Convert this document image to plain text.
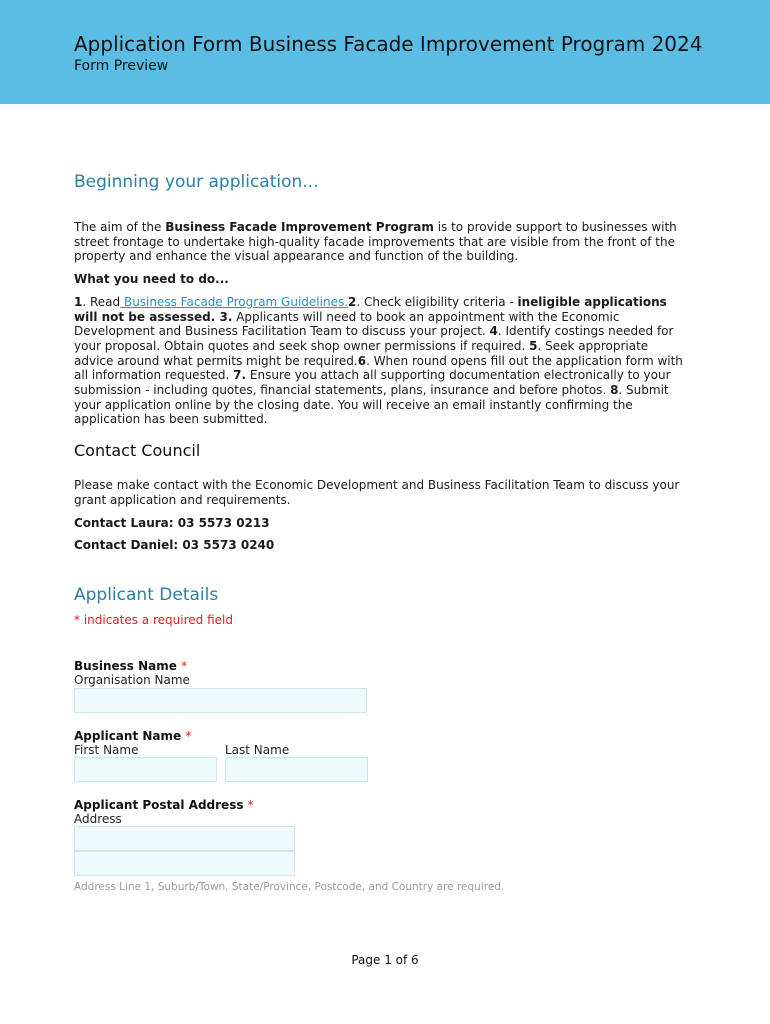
Application Form Business Facade Improvement Program 2024
Form Preview
Beginning your application...

The aim of the Business Facade Improvement Program is to provide support to businesses with street frontage to undertake high-quality facade improvements that are visible from the front of the property and enhance the visual appearance and function of the building.

What you need to do...

1. Read Business Facade Program Guidelines.2. Check eligibility criteria - ineligible applications will not be assessed. 3. Applicants will need to book an appointment with the Economic Development and Business Facilitation Team to discuss your project. 4. Identify costings needed for your proposal. Obtain quotes and seek shop owner permissions if required. 5. Seek appropriate advice around what permits might be required.6. When round opens fill out the application form with all information requested. 7. Ensure you attach all supporting documentation electronically to your submission - including quotes, financial statements, plans, insurance and before photos. 8. Submit your application online by the closing date. You will receive an email instantly confirming the application has been submitted.

Contact Council

Please make contact with the Economic Development and Business Facilitation Team to discuss your grant application and requirements.

Contact Laura: 03 5573 0213

Contact Daniel: 03 5573 0240

Applicant Details
* indicates a required field
Business Name *
Organisation Name
Applicant Name *
First Name	Last Name
Applicant Postal Address *
Address
Address Line 1, Suburb/Town, State/Province, Postcode, and Country are required.
Page 1 of 6
